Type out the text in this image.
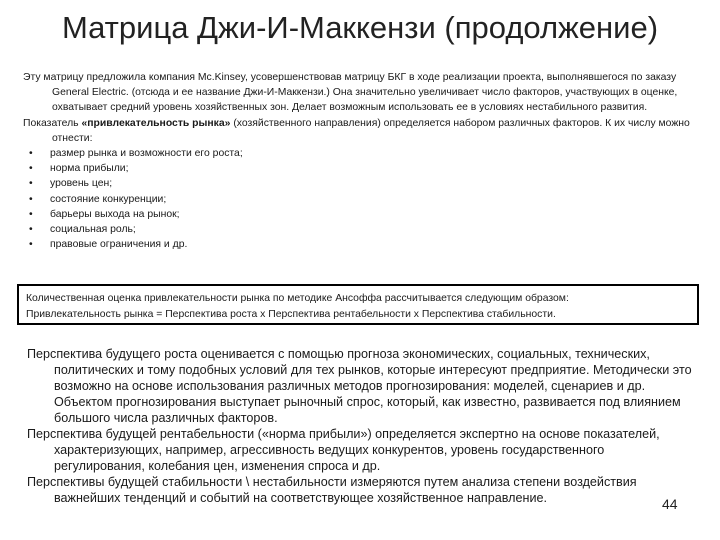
Матрица Джи-И-Маккензи (продолжение)

Эту матрицу предложила компания Mc.Kinsey, усовершенствовав матрицу БКГ в ходе реализации проекта, выполнявшегося по заказу General Electric. (отсюда и ее название Джи-И-Маккензи.) Она значительно увеличивает число факторов, участвующих в оценке, охватывает средний уровень хозяйственных зон. Делает возможным использовать ее в условиях нестабильного развития.

Показатель «привлекательность рынка» (хозяйственного направления) определяется набором различных факторов. К их числу можно отнести:

• размер рынка и возможности его роста;
• норма прибыли;
• уровень цен;
• состояние конкуренции;
• барьеры выхода на рынок;
• социальная роль;
• правовые ограничения и др.

Количественная оценка привлекательности рынка по методике Ансоффа рассчитывается следующим образом:

Привлекательность рынка = Перспектива роста х Перспектива рентабельности х Перспектива стабильности.

Перспектива будущего роста оценивается с помощью прогноза экономических, социальных, технических, политических и тому подобных условий для тех рынков, которые интересуют предприятие. Методически это возможно на основе использования различных методов прогнозирования: моделей, сценариев и др. Объектом прогнозирования выступает рыночный спрос, который, как известно, развивается под влиянием большого числа различных факторов.

Перспектива будущей рентабельности («норма прибыли») определяется экспертно на основе показателей, характеризующих, например, агрессивность ведущих конкурентов, уровень государственного регулирования, колебания цен, изменения спроса и др.

Перспективы будущей стабильности \ нестабильности измеряются путем анализа степени воздействия важнейших тенденций и событий на соответствующее хозяйственное направление.	44
